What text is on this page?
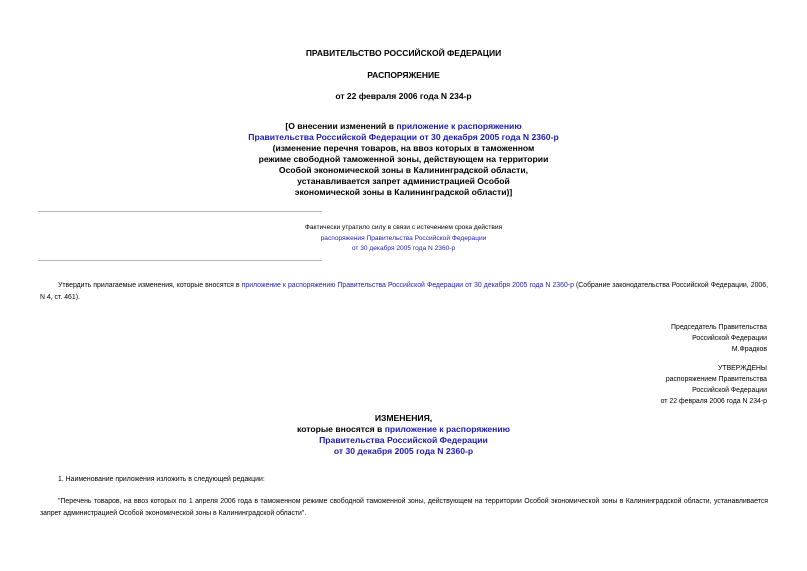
ПРАВИТЕЛЬСТВО РОССИЙСКОЙ ФЕДЕРАЦИИ
РАСПОРЯЖЕНИЕ
от 22 февраля 2006 года N 234-р
[О внесении изменений в приложение к распоряжению
Правительства Российской Федерации от 30 декабря 2005 года N 2360-р
(изменение перечня товаров, на ввоз которых в таможенном
режиме свободной таможенной зоны, действующем на территории
Особой экономической зоны в Калининградской области,
устанавливается запрет администрацией Особой
экономической зоны в Калининградской области)]
Фактически утратило силу в связи с истечением срока действия
распоряжения Правительства Российской Федерации
от 30 декабря 2005 года N 2360-р
Утвердить прилагаемые изменения, которые вносятся в приложение к распоряжению Правительства Российской Федерации от 30 декабря 2005 года N 2360-р (Собрание законодательства Российской Федерации, 2006, N 4, ст. 461).
Председатель Правительства
Российской Федерации
М.Фрадков
УТВЕРЖДЕНЫ
распоряжением Правительства
Российской Федерации
от 22 февраля 2006 года N 234-р
ИЗМЕНЕНИЯ,
которые вносятся в приложение к распоряжению
Правительства Российской Федерации
от 30 декабря 2005 года N 2360-р
1. Наименование приложения изложить в следующей редакции:
"Перечень товаров, на ввоз которых по 1 апреля 2006 года в таможенном режиме свободной таможенной зоны, действующем на территории Особой экономической зоны в Калининградской области, устанавливается запрет администрацией Особой экономической зоны в Калининградской области".
